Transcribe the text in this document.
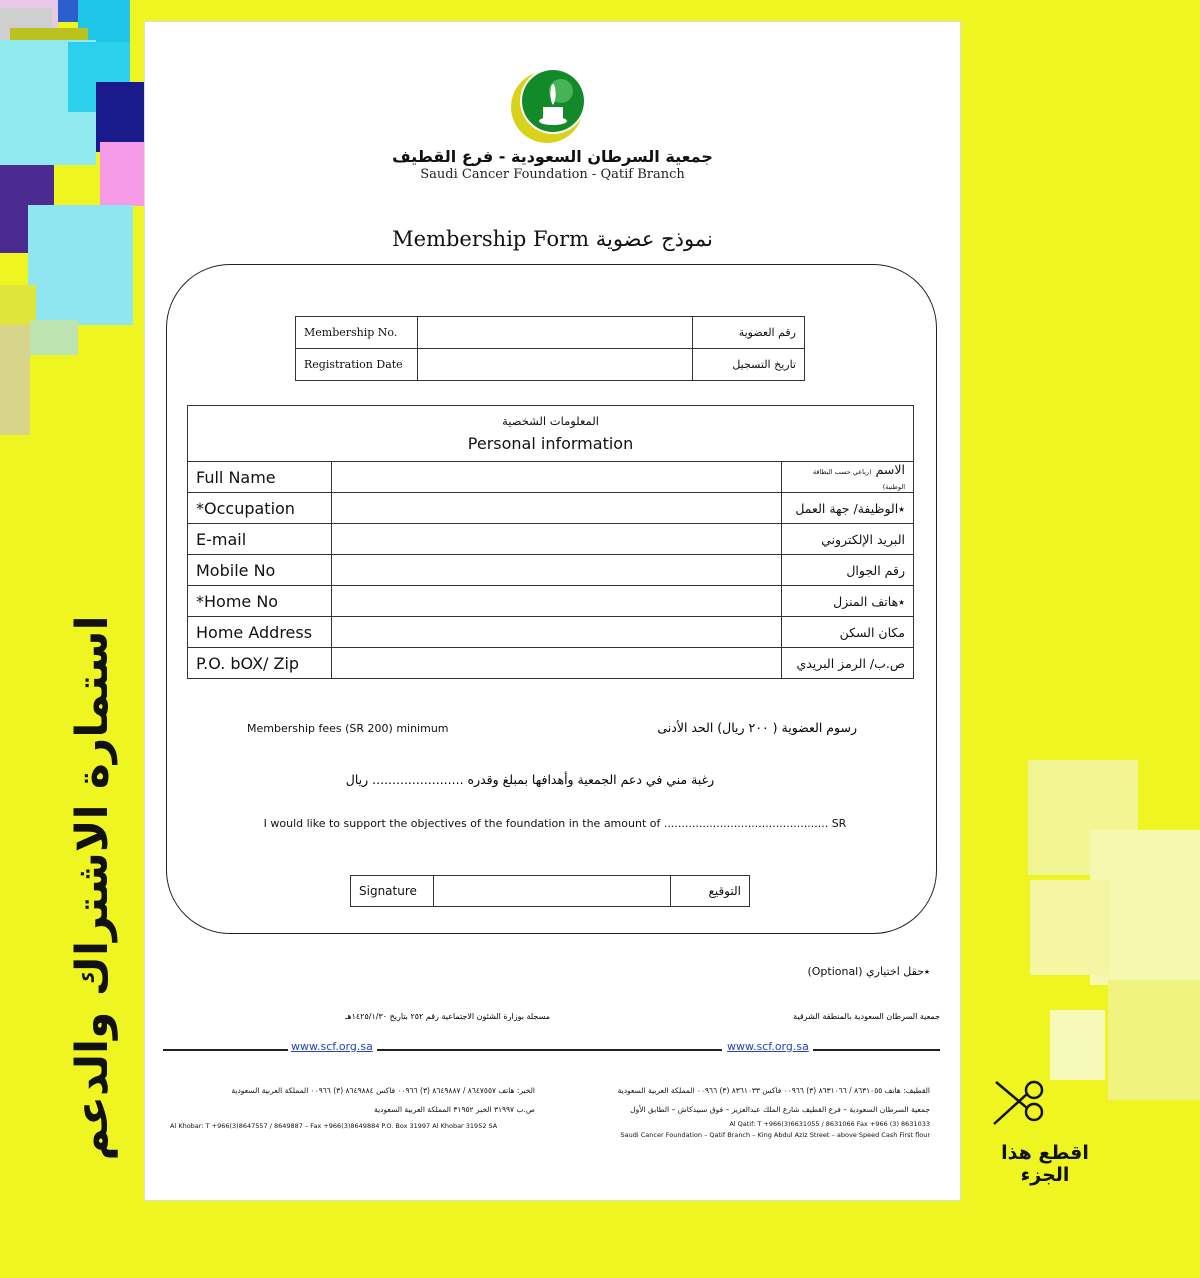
جمعية السرطان السعودية - فرع القطيف
Saudi Cancer Foundation - Qatif Branch
Membership Form نموذج عضوية
Membership No.		رقم العضوية
Registration Date		تاريخ التسجيل
المعلومات الشخصية
Personal information		

Full Name		الاسم (رباعي حسب البطاقة الوطنية)
*Occupation		٭الوظيفة/ جهة العمل
E-mail		البريد الإلكتروني
Mobile No		رقم الجوال
*Home No		٭هاتف المنزل
Home Address		مكان السكن
P.O. bOX/ Zip		ص.ب/ الرمز البريدي
Membership fees (SR 200) minimum	رسوم العضوية ( ٢٠٠ ريال) الحد الأدنى
رغبة مني في دعم الجمعية وأهدافها بمبلغ وقدره ....................... ريال
I would like to support the objectives of the foundation in the amount of ............................................... SR
Signature		التوقيع
٭حقل اختياري (Optional)
مسجلة بوزارة الشئون الاجتماعية رقم ٢٥٢ بتاريخ ١٤٢٥/١/٣٠هـ	جمعية السرطان السعودية بالمنطقة الشرقية
www.scf.org.sa	www.scf.org.sa
الخبر: هاتف ٨٦٤٧٥٥٧ / ٨٦٤٩٨٨٧ (٣) ٠٠٩٦٦ فاكس ٨٦٤٩٨٨٤ (٣) ٠٠٩٦٦ المملكة العربية السعودية
ص.ب ٣١٩٩٧ الخبر ٣١٩٥٢ المملكة العربية السعودية
Al Khobar: T +966(3)8647557 / 8649887 – Fax +966(3)8649884 P.O. Box 31997 Al Khobar 31952 SA
القطيف: هاتف ٨٦٣١٠٥٥ / ٨٦٣١٠٦٦ (٣) ٠٠٩٦٦ فاكس ٨٣٦١٠٣٣ (٣) ٠٠٩٦٦ المملكة العربية السعودية
جمعية السرطان السعودية – فرع القطيف شارع الملك عبدالعزيز – فوق سبيدكاش – الطابق الأول
Al Qatif: T +966(3)6631055 / 8631066 Fax +966 (3) 8631033
Saudi Cancer Foundation – Qatif Branch – King Abdul Aziz Street – above Speed Cash First flour
استمارة الاشتراك والدعم	اقطع هذا الجزء
